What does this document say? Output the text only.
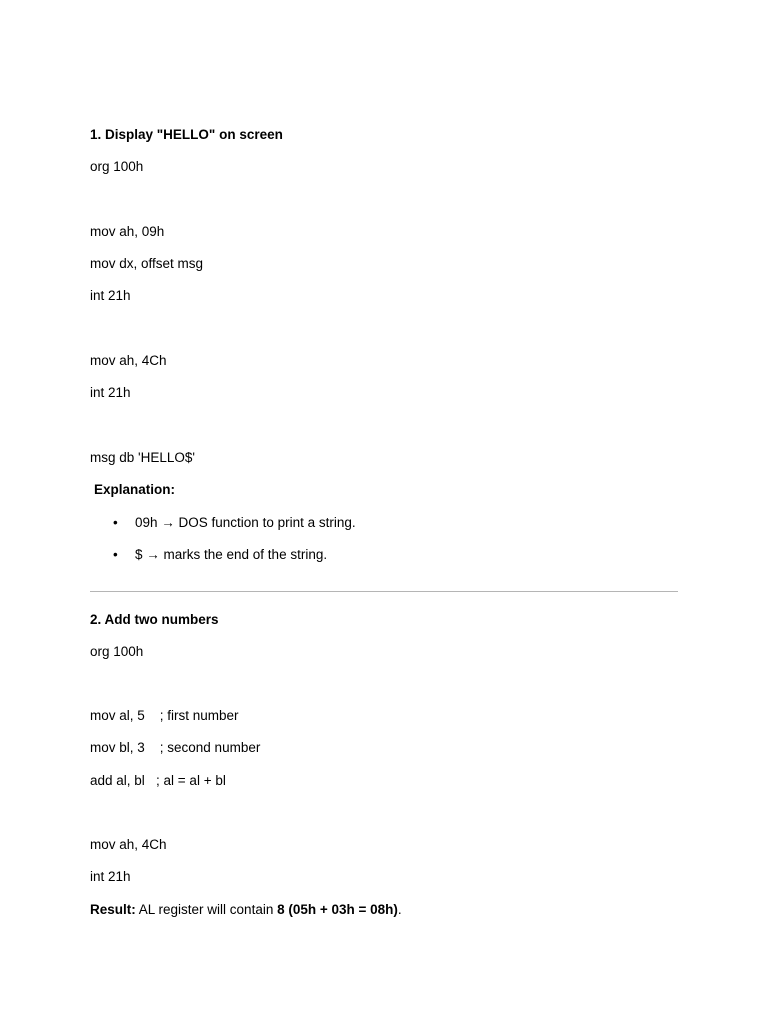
1. Display "HELLO" on screen
org 100h
mov ah, 09h
mov dx, offset msg
int 21h
mov ah, 4Ch
int 21h
msg db 'HELLO$'
Explanation:
• 09h → DOS function to print a string.
• $ → marks the end of the string.
2. Add two numbers
org 100h
mov al, 5    ; first number
mov bl, 3    ; second number
add al, bl   ; al = al + bl
mov ah, 4Ch
int 21h
Result: AL register will contain 8 (05h + 03h = 08h).
